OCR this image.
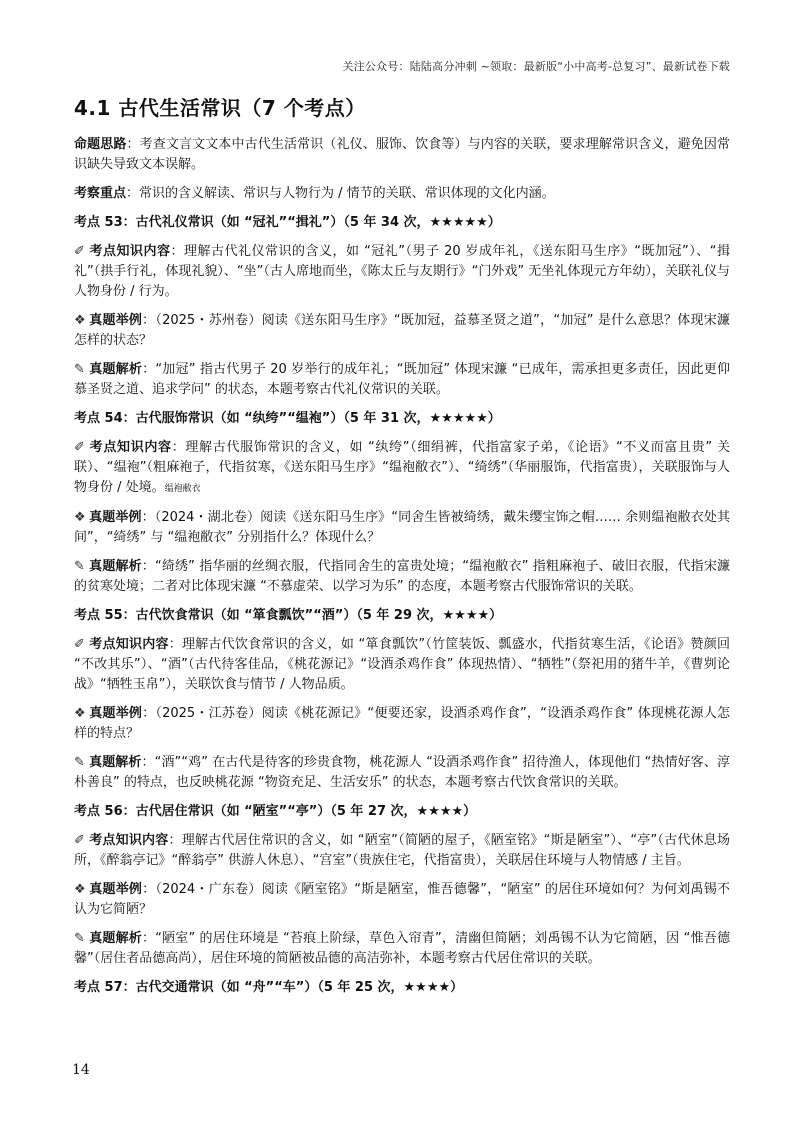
关注公众号：陆陆高分冲刺 ~领取：最新版“小中高考-总复习”、最新试卷下载
4.1 古代生活常识（7 个考点）
命题思路：考查文言文文本中古代生活常识（礼仪、服饰、饮食等）与内容的关联，要求理解常识含义，避免因常识缺失导致文本误解。
考察重点：常识的含义解读、常识与人物行为 / 情节的关联、常识体现的文化内涵。
考点 53：古代礼仪常识（如 “冠礼”“揖礼”）（5 年 34 次，★★★★★）
✐ 考点知识内容：理解古代礼仪常识的含义，如 “冠礼”（男子 20 岁成年礼，《送东阳马生序》“既加冠”）、“揖礼”（拱手行礼，体现礼貌）、“坐”（古人席地而坐，《陈太丘与友期行》“门外戏” 无坐礼体现元方年幼），关联礼仪与人物身份 / 行为。
❖ 真题举例：（2025・苏州卷）阅读《送东阳马生序》“既加冠，益慕圣贤之道”，“加冠” 是什么意思？体现宋濂怎样的状态？
✎ 真题解析：“加冠” 指古代男子 20 岁举行的成年礼；“既加冠” 体现宋濂 “已成年，需承担更多责任，因此更仰慕圣贤之道、追求学问” 的状态，本题考察古代礼仪常识的关联。
考点 54：古代服饰常识（如 “纨绔”“缊袍”）（5 年 31 次，★★★★★）
✐ 考点知识内容：理解古代服饰常识的含义，如 “纨绔”（细绢裤，代指富家子弟，《论语》“不义而富且贵” 关联）、“缊袍”（粗麻袍子，代指贫寒，《送东阳马生序》“缊袍敝衣”）、“绮绣”（华丽服饰，代指富贵），关联服饰与人物身份 / 处境。缊袍敝衣
❖ 真题举例：（2024・湖北卷）阅读《送东阳马生序》“同舍生皆被绮绣，戴朱缨宝饰之帽…… 余则缊袍敝衣处其间”，“绮绣” 与 “缊袍敝衣” 分别指什么？体现什么？
✎ 真题解析：“绮绣” 指华丽的丝绸衣服，代指同舍生的富贵处境；“缊袍敝衣” 指粗麻袍子、破旧衣服，代指宋濂的贫寒处境；二者对比体现宋濂 “不慕虚荣、以学习为乐” 的态度，本题考察古代服饰常识的关联。
考点 55：古代饮食常识（如 “箪食瓢饮”“酒”）（5 年 29 次，★★★★）
✐ 考点知识内容：理解古代饮食常识的含义，如 “箪食瓢饮”（竹筐装饭、瓢盛水，代指贫寒生活，《论语》赞颜回 “不改其乐”）、“酒”（古代待客佳品，《桃花源记》“设酒杀鸡作食” 体现热情）、“牺牲”（祭祀用的猪牛羊，《曹刿论战》“牺牲玉帛”），关联饮食与情节 / 人物品质。
❖ 真题举例：（2025・江苏卷）阅读《桃花源记》“便要还家，设酒杀鸡作食”，“设酒杀鸡作食” 体现桃花源人怎样的特点？
✎ 真题解析：“酒”“鸡” 在古代是待客的珍贵食物，桃花源人 “设酒杀鸡作食” 招待渔人，体现他们 “热情好客、淳朴善良” 的特点，也反映桃花源 “物资充足、生活安乐” 的状态，本题考察古代饮食常识的关联。
考点 56：古代居住常识（如 “陋室”“亭”）（5 年 27 次，★★★★）
✐ 考点知识内容：理解古代居住常识的含义，如 “陋室”（简陋的屋子，《陋室铭》“斯是陋室”）、“亭”（古代休息场所，《醉翁亭记》“醉翁亭” 供游人休息）、“宫室”（贵族住宅，代指富贵），关联居住环境与人物情感 / 主旨。
❖ 真题举例：（2024・广东卷）阅读《陋室铭》“斯是陋室，惟吾德馨”，“陋室” 的居住环境如何？为何刘禹锡不认为它简陋？
✎ 真题解析：“陋室” 的居住环境是 “苔痕上阶绿，草色入帘青”，清幽但简陋；刘禹锡不认为它简陋，因 “惟吾德馨”（居住者品德高尚），居住环境的简陋被品德的高洁弥补，本题考察古代居住常识的关联。
考点 57：古代交通常识（如 “舟”“车”）（5 年 25 次，★★★★）
14
